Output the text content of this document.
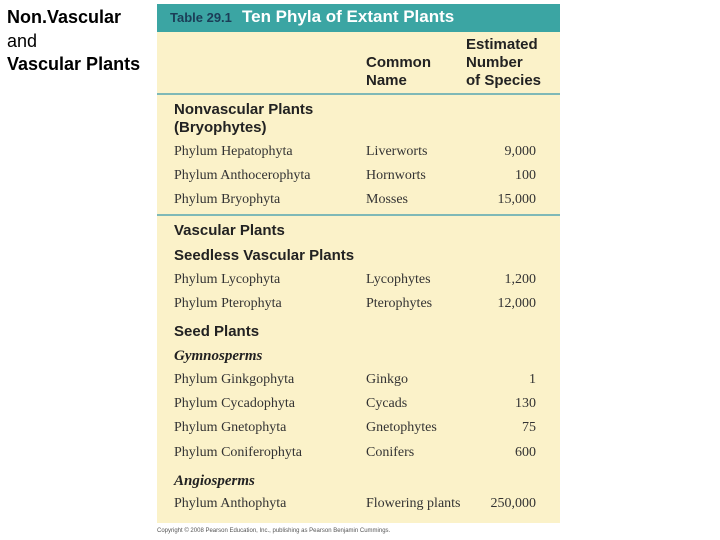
Non.Vascular
and
Vascular Plants
Table 29.1 Ten Phyla of Extant Plants
Common
Name
Estimated
Number
of Species
Nonvascular Plants
(Bryophytes)
Phylum Hepatophyta	Liverworts	9,000
Phylum Anthocerophyta	Hornworts	100
Phylum Bryophyta	Mosses	15,000
Vascular Plants
Seedless Vascular Plants
Phylum Lycophyta	Lycophytes	1,200
Phylum Pterophyta	Pterophytes	12,000
Seed Plants
Gymnosperms
Phylum Ginkgophyta	Ginkgo	1
Phylum Cycadophyta	Cycads	130
Phylum Gnetophyta	Gnetophytes	75
Phylum Coniferophyta	Conifers	600
Angiosperms
Phylum Anthophyta	Flowering plants 250,000
Copyright © 2008 Pearson Education, Inc., publishing as Pearson Benjamin Cummings.
